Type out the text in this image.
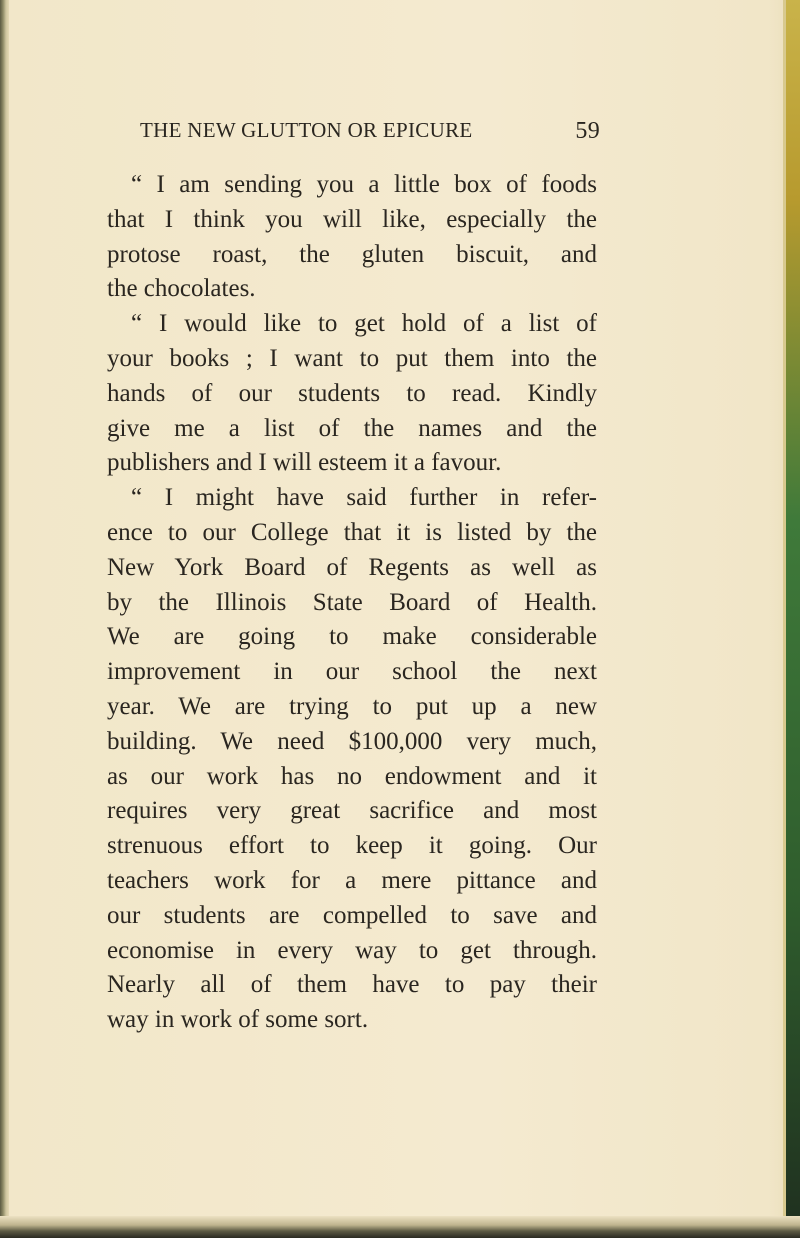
THE NEW GLUTTON OR EPICURE	59
“ I am sending you a little box of foods
that I think you will like, especially the
protose roast, the gluten biscuit, and
the chocolates.
“ I would like to get hold of a list of
your books ; I want to put them into the
hands of our students to read. Kindly
give me a list of the names and the
publishers and I will esteem it a favour.
“ I might have said further in refer-
ence to our College that it is listed by the
New York Board of Regents as well as
by the Illinois State Board of Health.
We are going to make considerable
improvement in our school the next
year. We are trying to put up a new
building. We need $100,000 very much,
as our work has no endowment and it
requires very great sacrifice and most
strenuous effort to keep it going. Our
teachers work for a mere pittance and
our students are compelled to save and
economise in every way to get through.
Nearly all of them have to pay their
way in work of some sort.
